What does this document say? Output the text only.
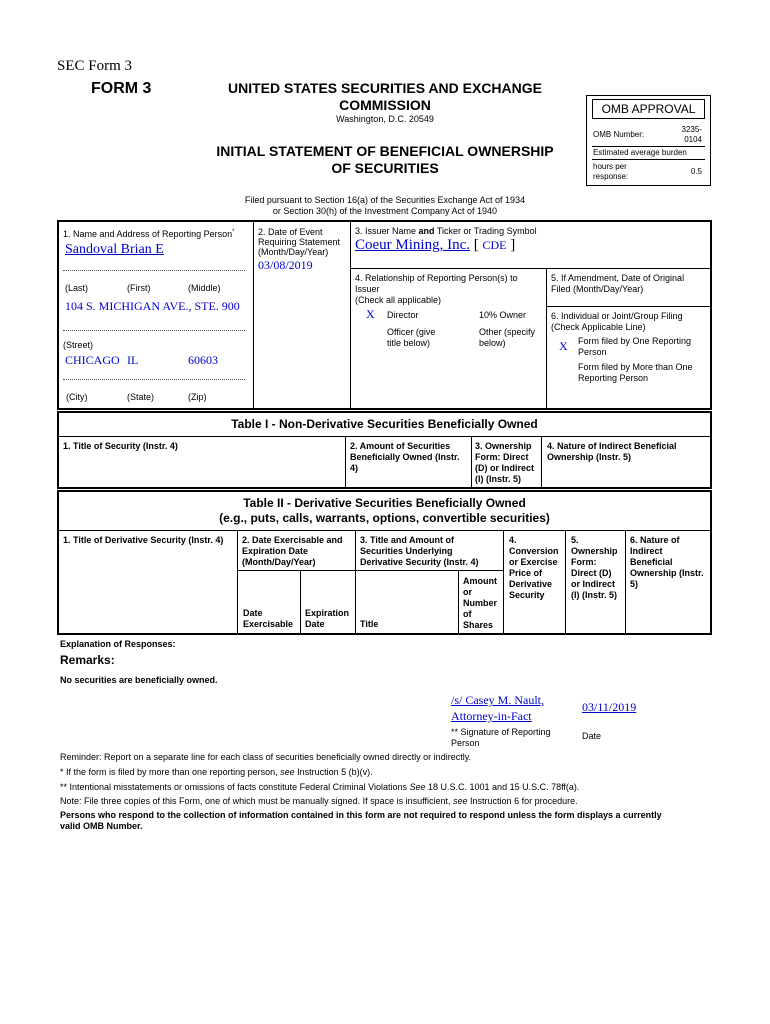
SEC Form 3
FORM 3	UNITED STATES SECURITIES AND EXCHANGE
COMMISSION
Washington, D.C. 20549
INITIAL STATEMENT OF BENEFICIAL OWNERSHIP
OF SECURITIES
Filed pursuant to Section 16(a) of the Securities Exchange Act of 1934
or Section 30(h) of the Investment Company Act of 1940
OMB APPROVAL
OMB Number:
3235-
0104
Estimated average burden
hours per
response:
0.5
1. Name and Address of Reporting Person*
Sandoval Brian E
(Last)	(First)	(Middle)
104 S. MICHIGAN AVE., STE. 900
(Street)
CHICAGO IL	60603
(City)	(State)	(Zip)
2. Date of Event
Requiring Statement
(Month/Day/Year)
03/08/2019
3. Issuer Name and Ticker or Trading Symbol
Coeur Mining, Inc. [ CDE ]
4. Relationship of Reporting Person(s) to
Issuer
(Check all applicable)
X Director	10% Owner
Officer (give
title below)
Other (specify
below)
5. If Amendment, Date of Original
Filed (Month/Day/Year)
6. Individual or Joint/Group Filing
(Check Applicable Line)
X Form filed by One Reporting
Person
Form filed by More than One
Reporting Person
Table I - Non-Derivative Securities Beneficially Owned
1. Title of Security (Instr. 4)	2. Amount of Securities
Beneficially Owned (Instr.
4)
3. Ownership
Form: Direct
(D) or Indirect
(I) (Instr. 5)
4. Nature of Indirect Beneficial
Ownership (Instr. 5)
Table II - Derivative Securities Beneficially Owned
(e.g., puts, calls, warrants, options, convertible securities)
1. Title of Derivative Security (Instr. 4) 2. Date Exercisable and
Expiration Date
(Month/Day/Year)
3. Title and Amount of
Securities Underlying
Derivative Security (Instr. 4)
4.
Conversion
or Exercise
Price of
Derivative
Security
5.
Ownership
Form:
Direct (D)
or Indirect
(I) (Instr. 5)
6. Nature of
Indirect
Beneficial
Ownership (Instr.
5)
Date
Exercisable
Expiration
Date	Title
Amount
or
Number
of
Shares
Explanation of Responses:
Remarks:
No securities are beneficially owned.
/s/ Casey M. Nault,
Attorney-in-Fact
03/11/2019
** Signature of Reporting
Person
Date
Reminder: Report on a separate line for each class of securities beneficially owned directly or indirectly.
* If the form is filed by more than one reporting person, see Instruction 5 (b)(v).
** Intentional misstatements or omissions of facts constitute Federal Criminal Violations See 18 U.S.C. 1001 and 15 U.S.C. 78ff(a).
Note: File three copies of this Form, one of which must be manually signed. If space is insufficient, see Instruction 6 for procedure.
Persons who respond to the collection of information contained in this form are not required to respond unless the form displays a currently
valid OMB Number.
